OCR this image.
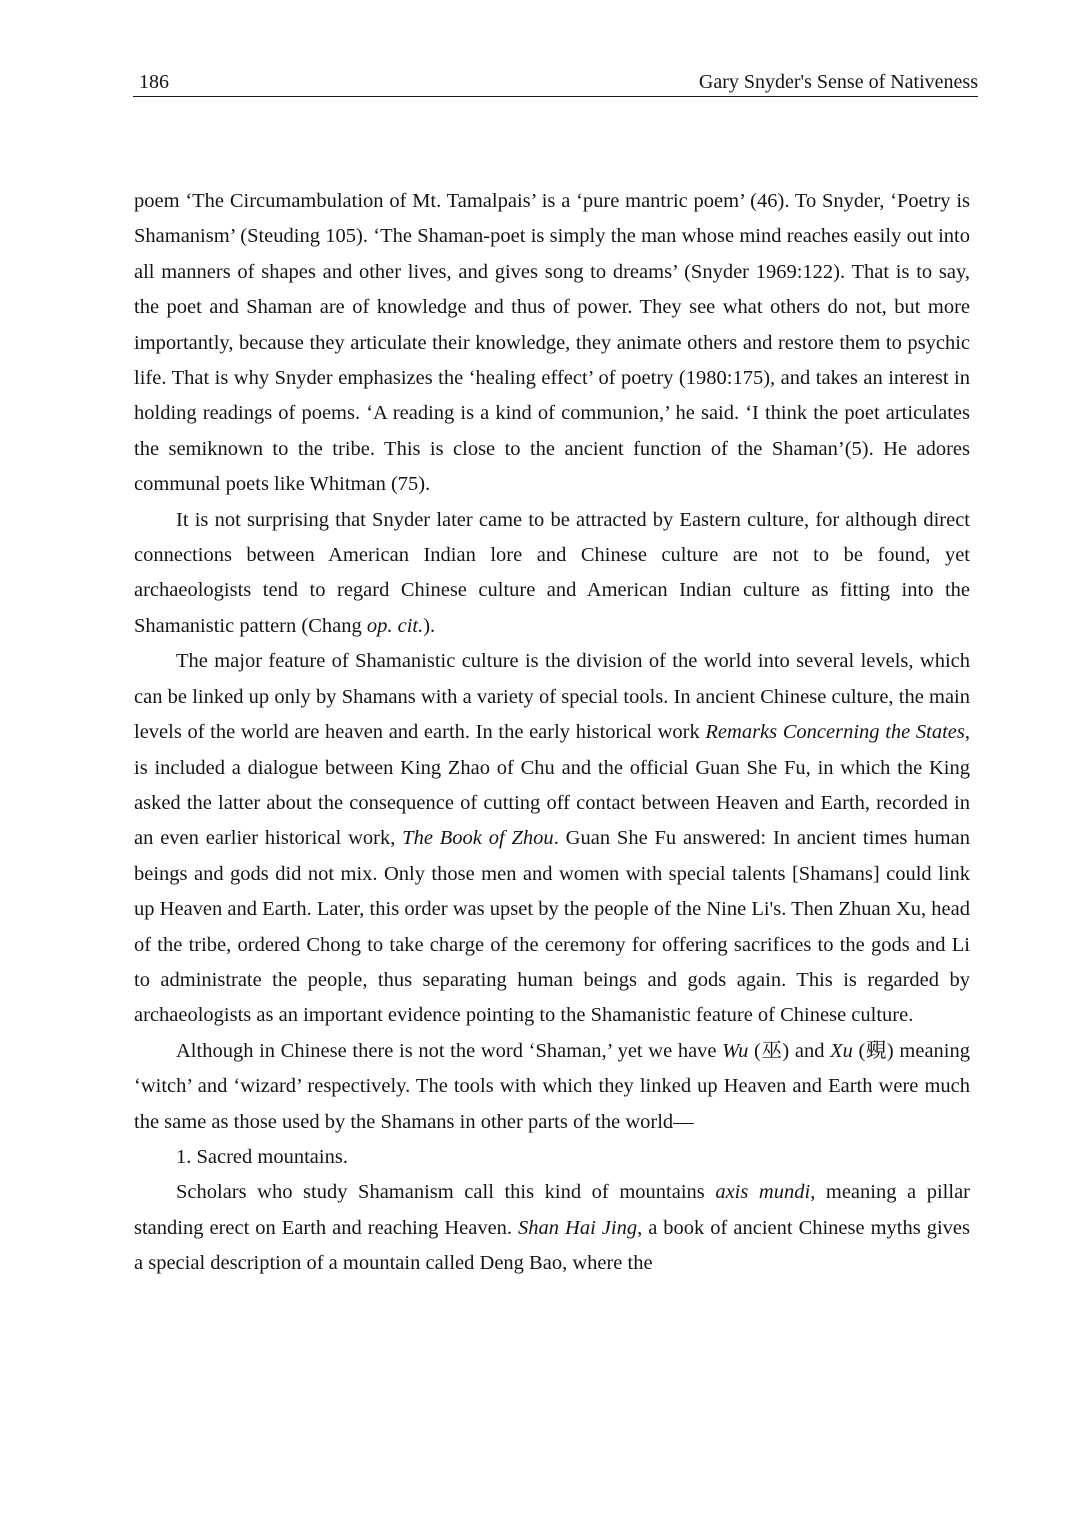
186	Gary Snyder's Sense of Nativeness

poem ‘The Circumambulation of Mt. Tamalpais’ is a ‘pure mantric poem’ (46). To Snyder, ‘Poetry is Shamanism’ (Steuding 105). ‘The Shaman-poet is simply the man whose mind reaches easily out into all manners of shapes and other lives, and gives song to dreams’ (Snyder 1969:122). That is to say, the poet and Shaman are of knowledge and thus of power. They see what others do not, but more importantly, because they articulate their knowledge, they animate others and restore them to psychic life. That is why Snyder emphasizes the ‘healing effect’ of poetry (1980:175), and takes an interest in holding readings of poems. ‘A reading is a kind of communion,’ he said. ‘I think the poet articulates the semiknown to the tribe. This is close to the ancient function of the Shaman’(5). He adores communal poets like Whitman (75).

It is not surprising that Snyder later came to be attracted by Eastern culture, for although direct connections between American Indian lore and Chinese culture are not to be found, yet archaeologists tend to regard Chinese culture and American Indian culture as fitting into the Shamanistic pattern (Chang op. cit.).

The major feature of Shamanistic culture is the division of the world into several levels, which can be linked up only by Shamans with a variety of special tools. In ancient Chinese culture, the main levels of the world are heaven and earth. In the early historical work Remarks Concerning the States, is included a dialogue between King Zhao of Chu and the official Guan She Fu, in which the King asked the latter about the consequence of cutting off contact between Heaven and Earth, recorded in an even earlier historical work, The Book of Zhou. Guan She Fu answered: In ancient times human beings and gods did not mix. Only those men and women with special talents [Shamans] could link up Heaven and Earth. Later, this order was upset by the people of the Nine Li's. Then Zhuan Xu, head of the tribe, ordered Chong to take charge of the ceremony for offering sacrifices to the gods and Li to administrate the people, thus separating human beings and gods again. This is regarded by archaeologists as an important evidence pointing to the Shamanistic feature of Chinese culture.

Although in Chinese there is not the word ‘Shaman,’ yet we have Wu (巫) and Xu (覡) meaning ‘witch’ and ‘wizard’ respectively. The tools with which they linked up Heaven and Earth were much the same as those used by the Shamans in other parts of the world—

1. Sacred mountains.

Scholars who study Shamanism call this kind of mountains axis mundi, meaning a pillar standing erect on Earth and reaching Heaven. Shan Hai Jing, a book of ancient Chinese myths gives a special description of a mountain called Deng Bao, where the
